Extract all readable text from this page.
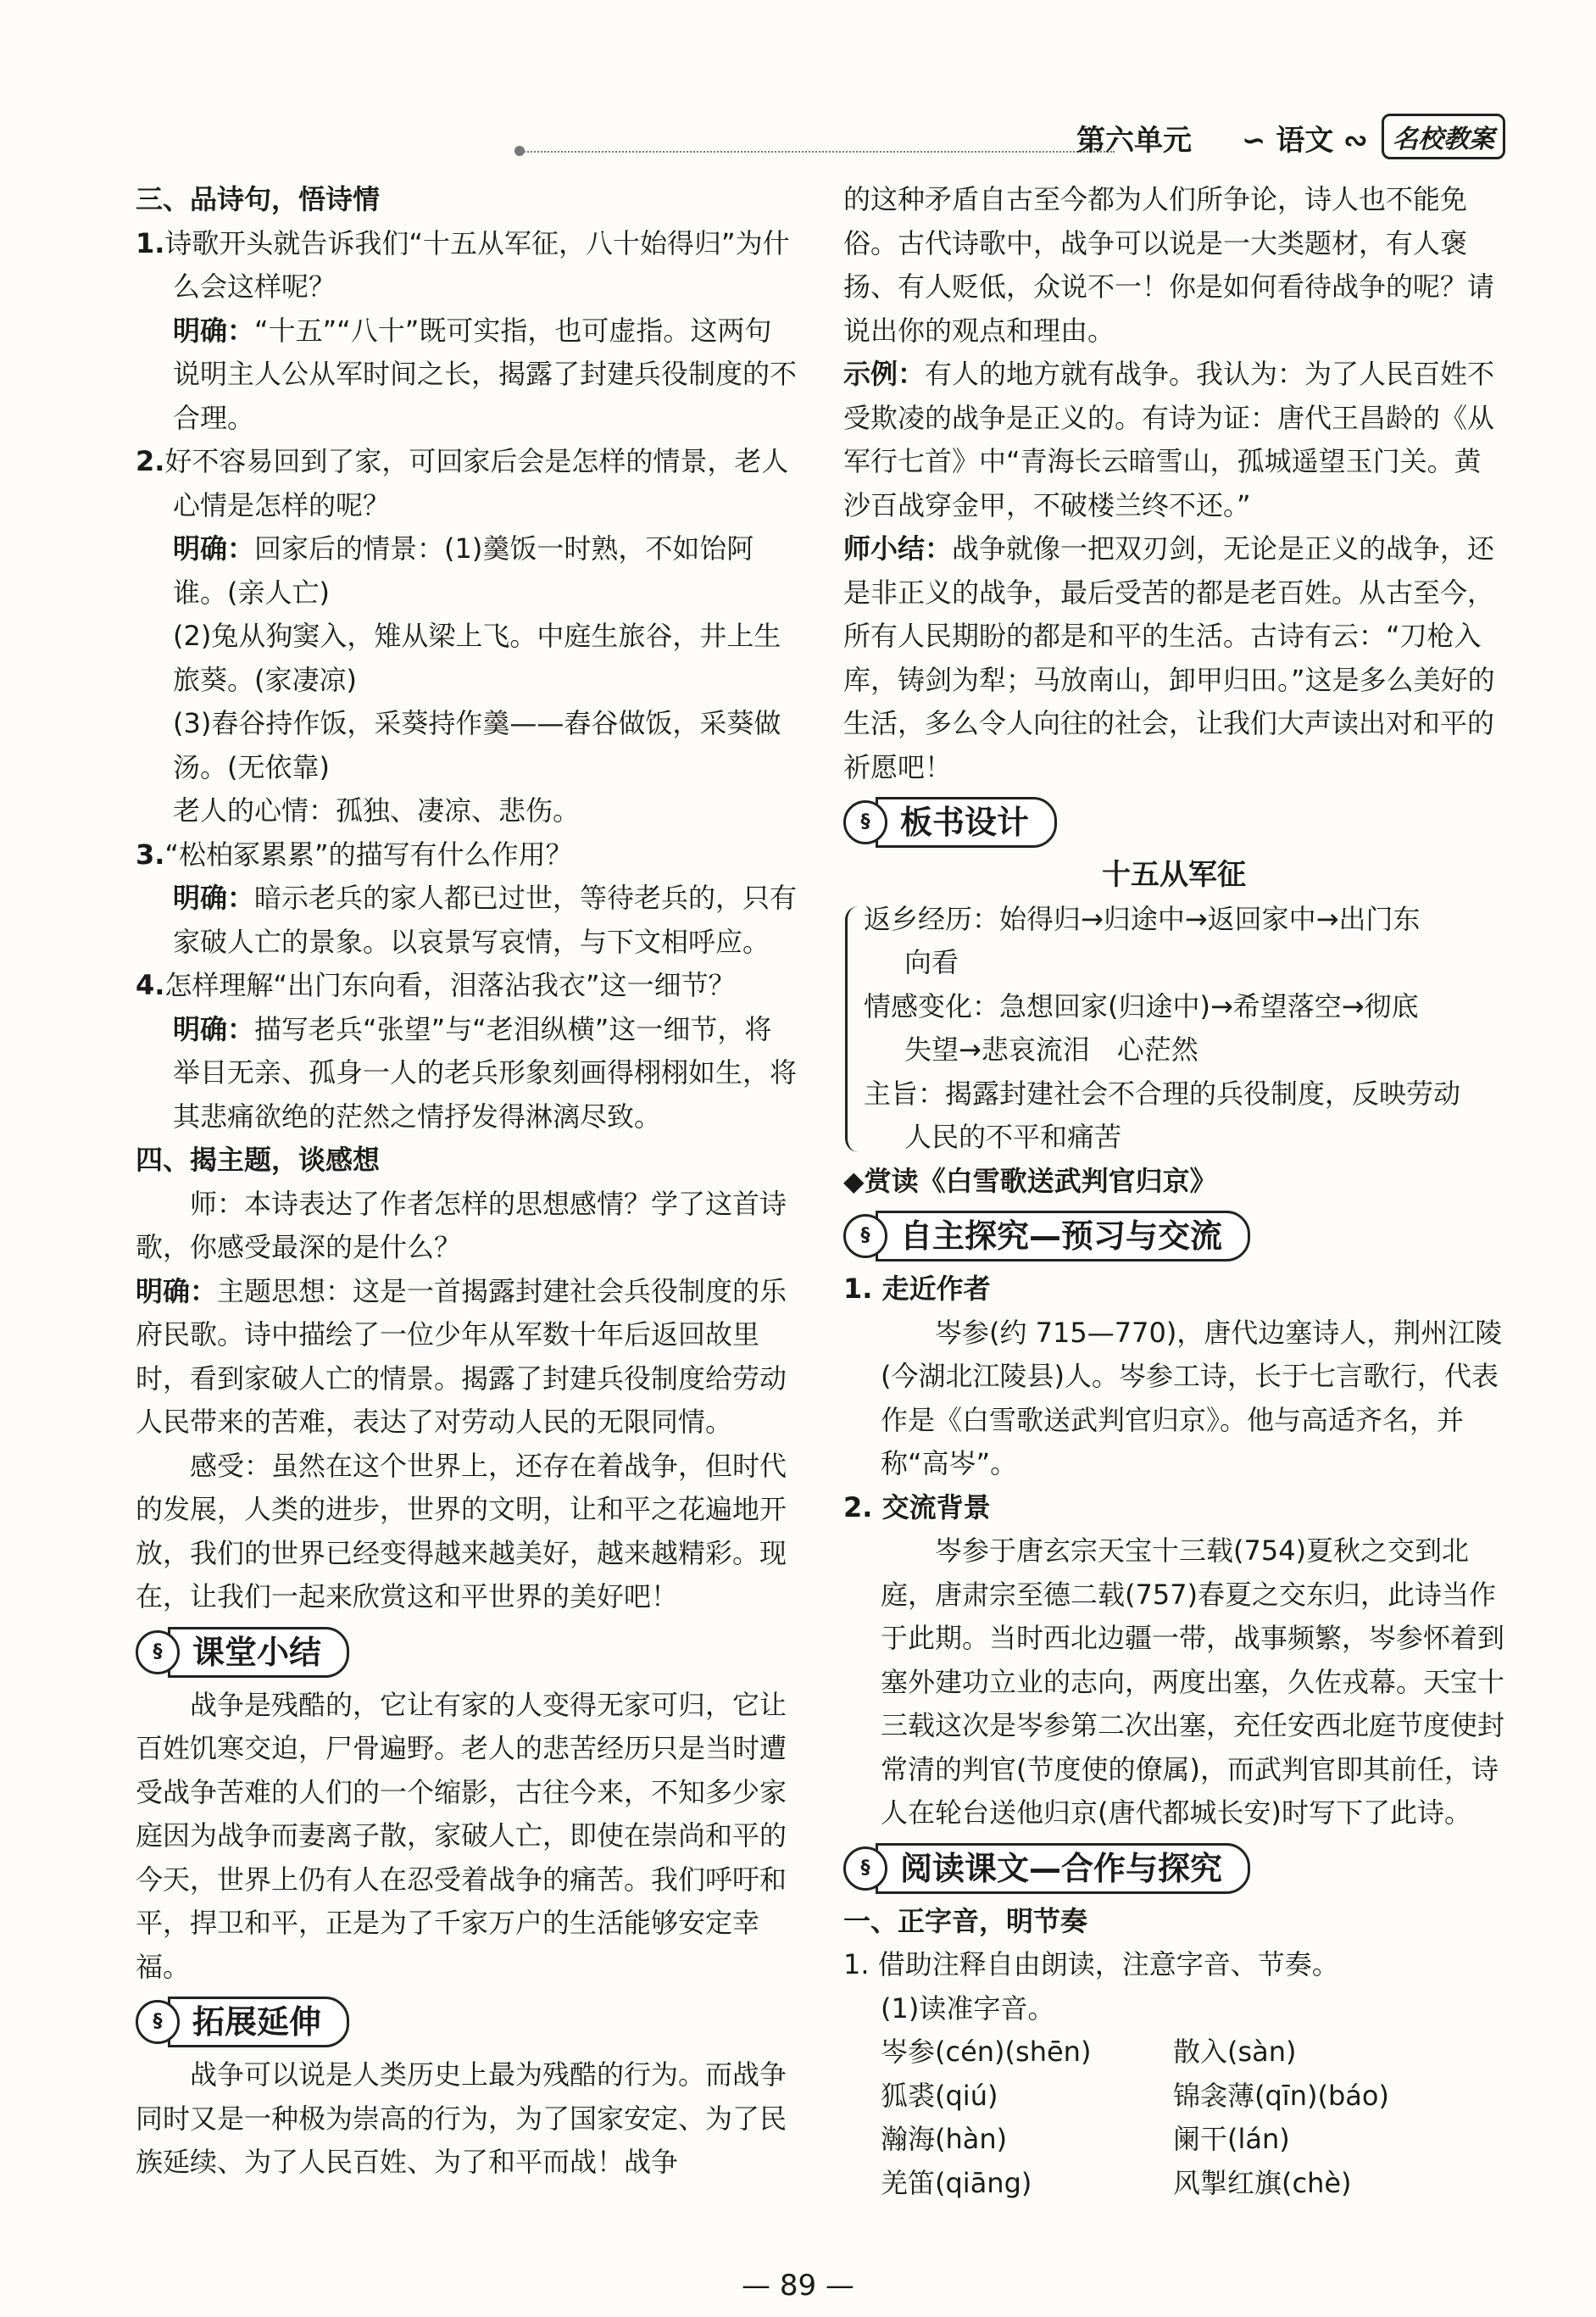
第六单元 ∽ 语文 ∾ 名校教案

三、品诗句，悟诗情

1.诗歌开头就告诉我们“十五从军征，八十始得归”为什么会这样呢？

明确：“十五”“八十”既可实指，也可虚指。这两句说明主人公从军时间之长，揭露了封建兵役制度的不合理。

2.好不容易回到了家，可回家后会是怎样的情景，老人心情是怎样的呢？

明确：回家后的情景：(1)羹饭一时熟，不如饴阿谁。(亲人亡)

(2)兔从狗窦入，雉从梁上飞。中庭生旅谷，井上生旅葵。(家凄凉)

(3)舂谷持作饭，采葵持作羹——舂谷做饭，采葵做汤。(无依靠)

老人的心情：孤独、凄凉、悲伤。

3.“松柏冢累累”的描写有什么作用？

明确：暗示老兵的家人都已过世，等待老兵的，只有家破人亡的景象。以哀景写哀情，与下文相呼应。

4.怎样理解“出门东向看，泪落沾我衣”这一细节？

明确：描写老兵“张望”与“老泪纵横”这一细节，将举目无亲、孤身一人的老兵形象刻画得栩栩如生，将其悲痛欲绝的茫然之情抒发得淋漓尽致。

四、揭主题，谈感想

师：本诗表达了作者怎样的思想感情？学了这首诗歌，你感受最深的是什么？

明确：主题思想：这是一首揭露封建社会兵役制度的乐府民歌。诗中描绘了一位少年从军数十年后返回故里时，看到家破人亡的情景。揭露了封建兵役制度给劳动人民带来的苦难，表达了对劳动人民的无限同情。

感受：虽然在这个世界上，还存在着战争，但时代的发展，人类的进步，世界的文明，让和平之花遍地开放，我们的世界已经变得越来越美好，越来越精彩。现在，让我们一起来欣赏这和平世界的美好吧！

§ 课堂小结

战争是残酷的，它让有家的人变得无家可归，它让百姓饥寒交迫，尸骨遍野。老人的悲苦经历只是当时遭受战争苦难的人们的一个缩影，古往今来，不知多少家庭因为战争而妻离子散，家破人亡，即使在崇尚和平的今天，世界上仍有人在忍受着战争的痛苦。我们呼吁和平，捍卫和平，正是为了千家万户的生活能够安定幸福。

§ 拓展延伸

战争可以说是人类历史上最为残酷的行为。而战争同时又是一种极为崇高的行为，为了国家安定、为了民族延续、为了人民百姓、为了和平而战！战争

的这种矛盾自古至今都为人们所争论，诗人也不能免俗。古代诗歌中，战争可以说是一大类题材，有人褒扬、有人贬低，众说不一！你是如何看待战争的呢？请说出你的观点和理由。

示例：有人的地方就有战争。我认为：为了人民百姓不受欺凌的战争是正义的。有诗为证：唐代王昌龄的《从军行七首》中“青海长云暗雪山，孤城遥望玉门关。黄沙百战穿金甲，不破楼兰终不还。”

师小结：战争就像一把双刃剑，无论是正义的战争，还是非正义的战争，最后受苦的都是老百姓。从古至今，所有人民期盼的都是和平的生活。古诗有云：“刀枪入库，铸剑为犁；马放南山，卸甲归田。”这是多么美好的生活，多么令人向往的社会，让我们大声读出对和平的祈愿吧！

§ 板书设计

十五从军征

返乡经历：始得归→归途中→返回家中→出门东

向看

情感变化：急想回家(归途中)→希望落空→彻底

失望→悲哀流泪　心茫然

主旨：揭露封建社会不合理的兵役制度，反映劳动

人民的不平和痛苦

◆赏读《白雪歌送武判官归京》

§ 自主探究—预习与交流

1. 走近作者

岑参(约 715—770)，唐代边塞诗人，荆州江陵(今湖北江陵县)人。岑参工诗，长于七言歌行，代表作是《白雪歌送武判官归京》。他与高适齐名，并称“高岑”。

2. 交流背景

岑参于唐玄宗天宝十三载(754)夏秋之交到北庭，唐肃宗至德二载(757)春夏之交东归，此诗当作于此期。当时西北边疆一带，战事频繁，岑参怀着到塞外建功立业的志向，两度出塞，久佐戎幕。天宝十三载这次是岑参第二次出塞，充任安西北庭节度使封常清的判官(节度使的僚属)，而武判官即其前任，诗人在轮台送他归京(唐代都城长安)时写下了此诗。

§ 阅读课文—合作与探究

一、正字音，明节奏

1. 借助注释自由朗读，注意字音、节奏。

(1)读准字音。

岑参(cén)(shēn)	散入(sàn)
狐裘(qiú)	锦衾薄(qīn)(báo)
瀚海(hàn)	阑干(lán)
羌笛(qiāng)	风掣红旗(chè)
— 89 —
